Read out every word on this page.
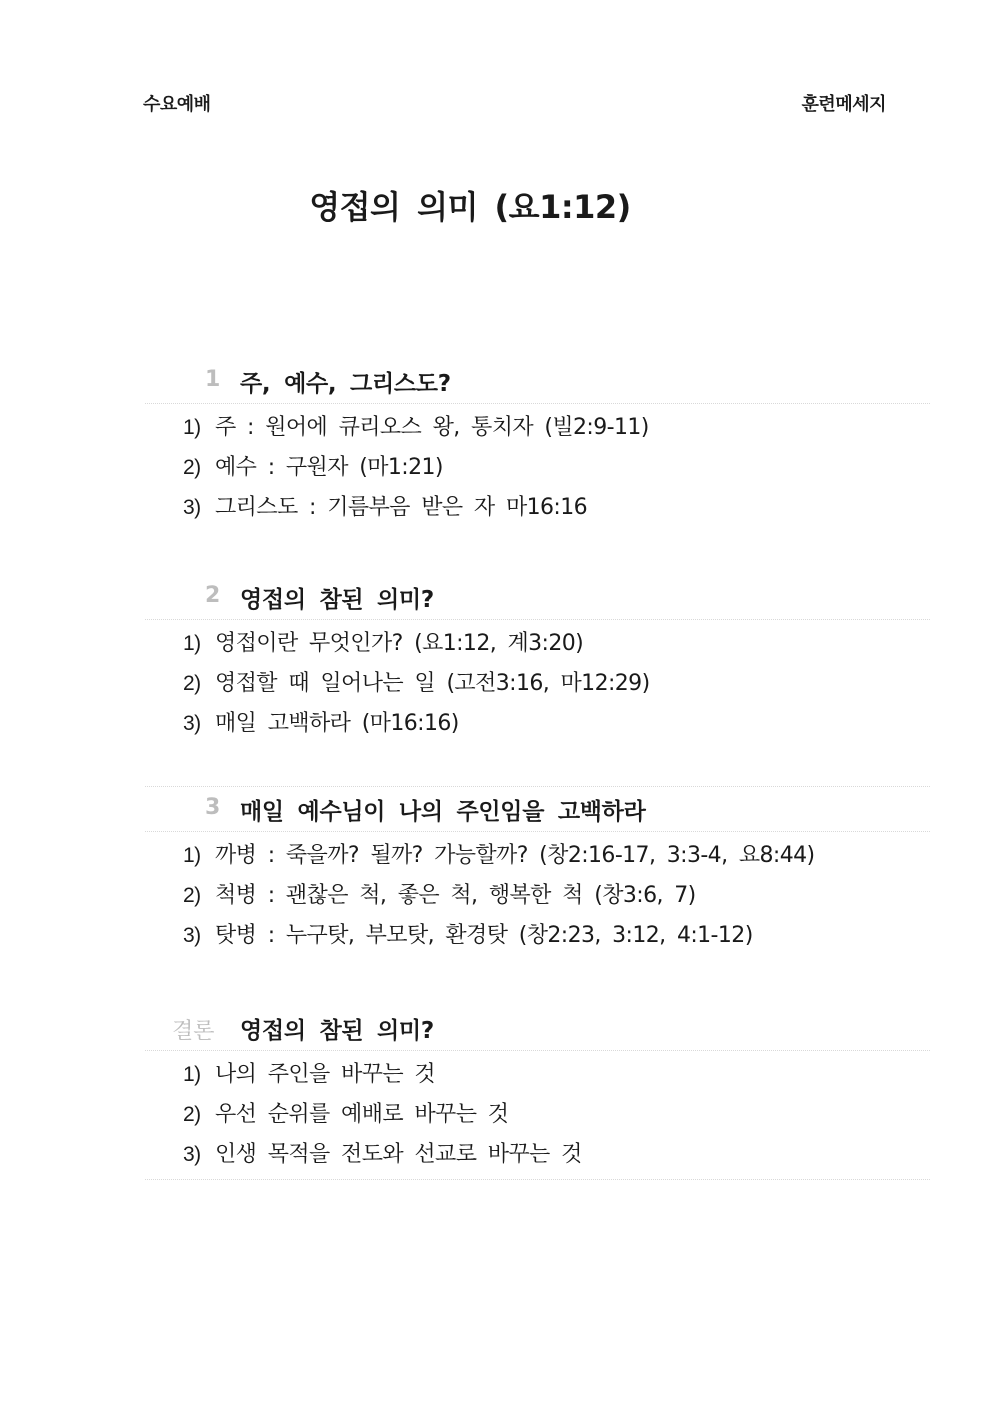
수요예배	훈련메세지
영접의 의미 (요1:12)
1 주, 예수, 그리스도?
1) 주 : 원어에 큐리오스 왕, 통치자 (빌2:9-11)
2) 예수 : 구원자 (마1:21)
3) 그리스도 : 기름부음 받은 자 마16:16
2 영접의 참된 의미?
1) 영접이란 무엇인가? (요1:12, 계3:20)
2) 영접할 때 일어나는 일 (고전3:16, 마12:29)
3) 매일 고백하라 (마16:16)
3 매일 예수님이 나의 주인임을 고백하라
1) 까병 : 죽을까? 될까? 가능할까? (창2:16-17, 3:3-4, 요8:44)
2) 척병 : 괜찮은 척, 좋은 척, 행복한 척 (창3:6, 7)
3) 탓병 : 누구탓, 부모탓, 환경탓 (창2:23, 3:12, 4:1-12)
결론 영접의 참된 의미?
1) 나의 주인을 바꾸는 것
2) 우선 순위를 예배로 바꾸는 것
3) 인생 목적을 전도와 선교로 바꾸는 것
